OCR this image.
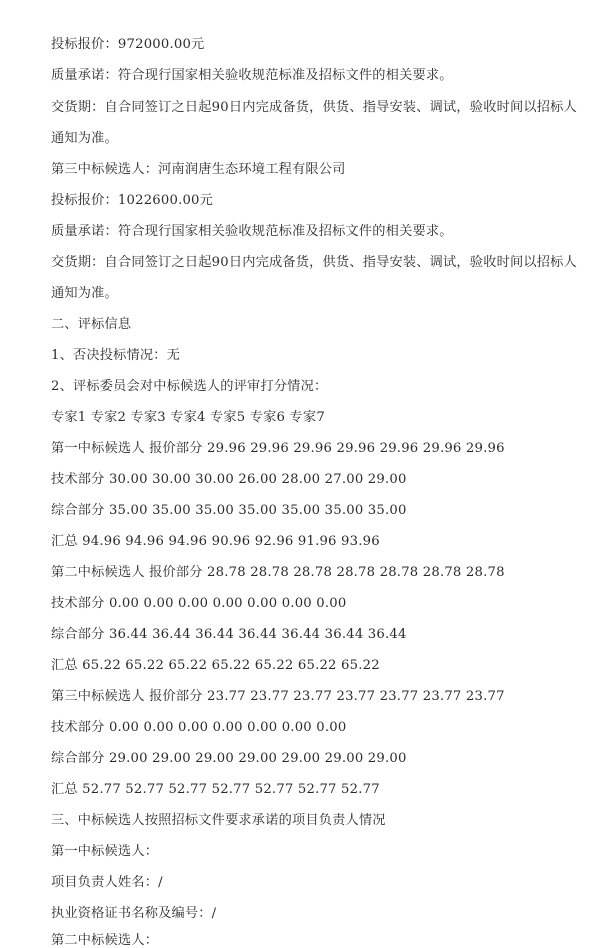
投标报价：972000.00元
质量承诺：符合现行国家相关验收规范标准及招标文件的相关要求。
交货期：自合同签订之日起90日内完成备货，供货、指导安装、调试，验收时间以招标人
通知为准。
第三中标候选人：河南润唐生态环境工程有限公司
投标报价：1022600.00元
质量承诺：符合现行国家相关验收规范标准及招标文件的相关要求。
交货期：自合同签订之日起90日内完成备货，供货、指导安装、调试，验收时间以招标人
通知为准。
二、评标信息
1、否决投标情况：无
2、评标委员会对中标候选人的评审打分情况：
专家1 专家2 专家3 专家4 专家5 专家6 专家7
第一中标候选人 报价部分 29.96 29.96 29.96 29.96 29.96 29.96 29.96
技术部分 30.00 30.00 30.00 26.00 28.00 27.00 29.00
综合部分 35.00 35.00 35.00 35.00 35.00 35.00 35.00
汇总 94.96 94.96 94.96 90.96 92.96 91.96 93.96
第二中标候选人 报价部分 28.78 28.78 28.78 28.78 28.78 28.78 28.78
技术部分 0.00 0.00 0.00 0.00 0.00 0.00 0.00
综合部分 36.44 36.44 36.44 36.44 36.44 36.44 36.44
汇总 65.22 65.22 65.22 65.22 65.22 65.22 65.22
第三中标候选人 报价部分 23.77 23.77 23.77 23.77 23.77 23.77 23.77
技术部分 0.00 0.00 0.00 0.00 0.00 0.00 0.00
综合部分 29.00 29.00 29.00 29.00 29.00 29.00 29.00
汇总 52.77 52.77 52.77 52.77 52.77 52.77 52.77
三、中标候选人按照招标文件要求承诺的项目负责人情况
第一中标候选人：
项目负责人姓名：/
执业资格证书名称及编号：/
第二中标候选人：
